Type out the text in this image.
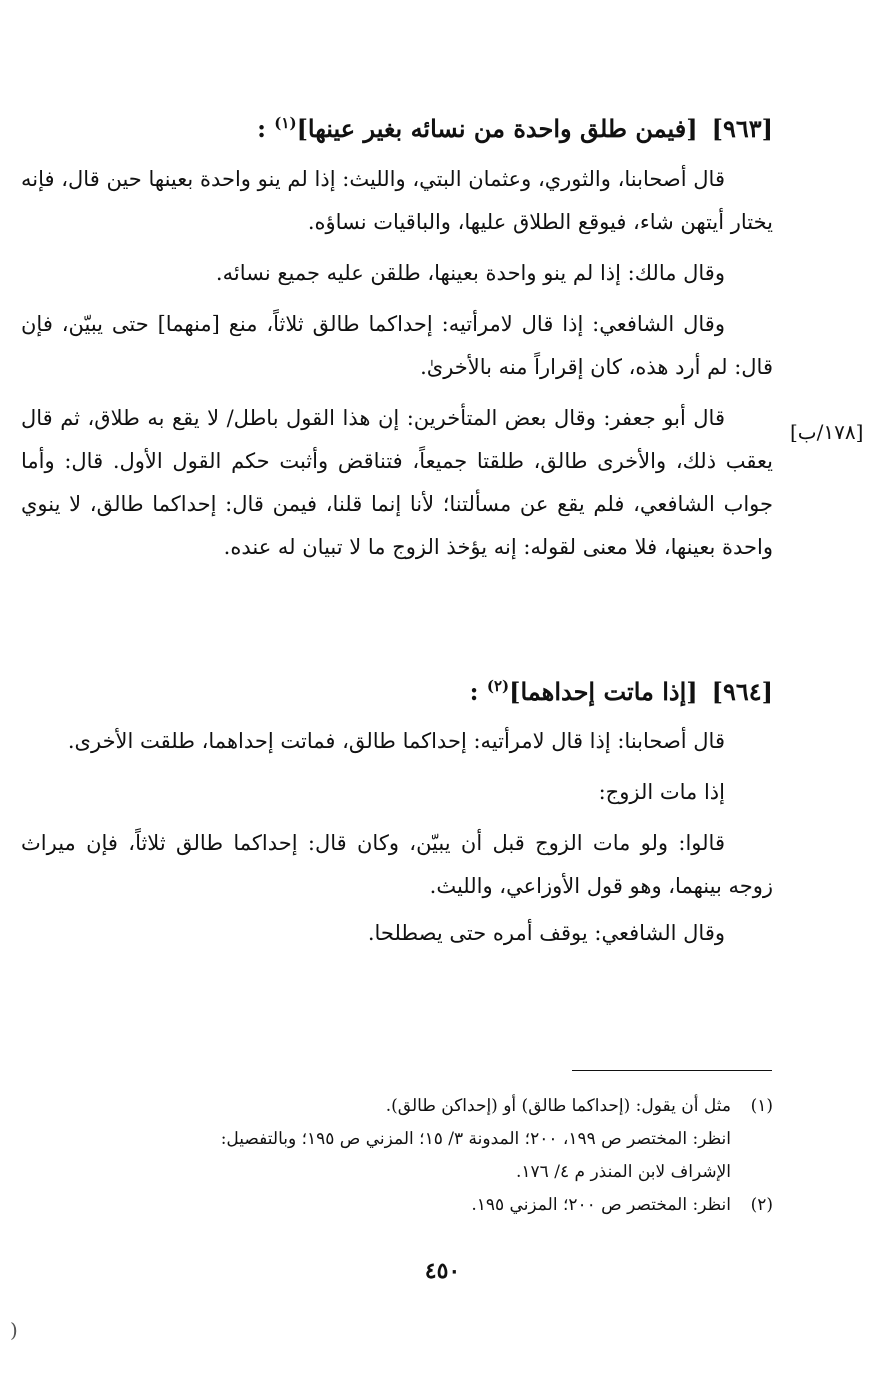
[٩٦٣][فيمن طلق واحدة من نسائه بغير عينها]$^{(١)}$ :

قال أصحابنا، والثوري، وعثمان البتي، والليث: إذا لم ينو واحدة بعينها حين قال، فإنه يختار أيتهن شاء، فيوقع الطلاق عليها، والباقيات نساؤه.

وقال مالك: إذا لم ينو واحدة بعينها، طلقن عليه جميع نسائه.

وقال الشافعي: إذا قال لامرأتيه: إحداكما طالق ثلاثاً، منع [منهما] حتى يبيّن، فإن قال: لم أرد هذه، كان إقراراً منه بالأخرىٰ.

قال أبو جعفر: وقال بعض المتأخرين: إن هذا القول باطل/ لا يقع به طلاق، ثم قال يعقب ذلك، والأخرى طالق، طلقتا جميعاً، فتناقض وأثبت حكم القول الأول. قال: وأما جواب الشافعي، فلم يقع عن مسألتنا؛ لأنا إنما قلنا، فيمن قال: إحداكما طالق، لا ينوي واحدة بعينها، فلا معنى لقوله: إنه يؤخذ الزوج ما لا تبيان له عنده.

[١٧٨/ب]
[٩٦٤][إذا ماتت إحداهما]$^{(٢)}$ :

قال أصحابنا: إذا قال لامرأتيه: إحداكما طالق، فماتت إحداهما، طلقت الأخرى.

إذا مات الزوج:

قالوا: ولو مات الزوج قبل أن يبيّن، وكان قال: إحداكما طالق ثلاثاً، فإن ميراث زوجه بينهما، وهو قول الأوزاعي، والليث.

وقال الشافعي: يوقف أمره حتى يصطلحا.

(١)مثل أن يقول: (إحداكما طالق) أو (إحداكن طالق).

انظر: المختصر ص ١٩٩، ٢٠٠؛ المدونة ٣/ ١٥؛ المزني ص ١٩٥؛ وبالتفصيل:

الإشراف لابن المنذر م ٤/ ١٧٦.

(٢)انظر: المختصر ص ٢٠٠؛ المزني ١٩٥.

٤٥٠
(
